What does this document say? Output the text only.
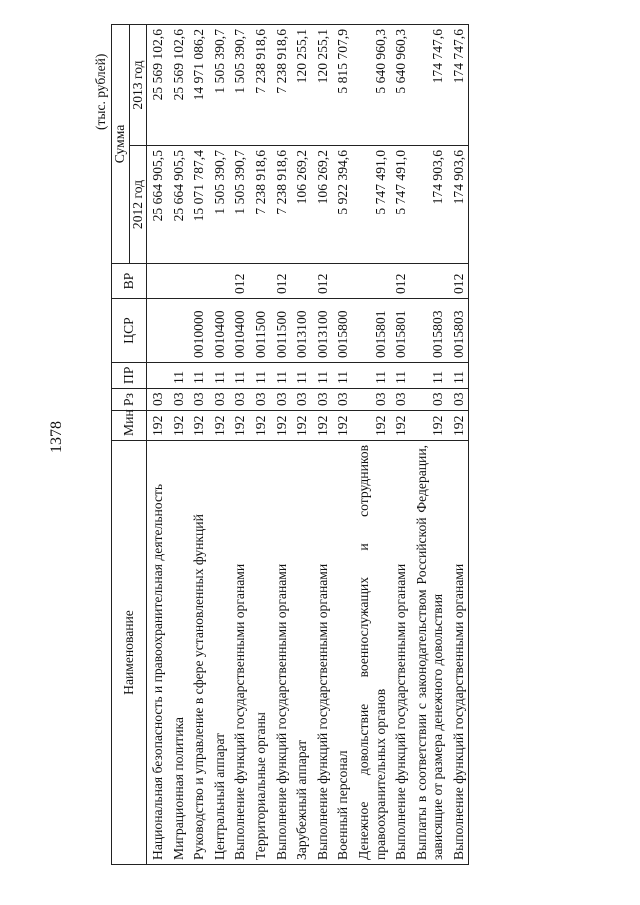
1378
(тыс. рублей)
Наименование	Мин	Рз	ПР	ЦСР	ВР	Сумма	
						2012 год	2013 год
Национальная безопасность и правоохранительная деятельность	192	03				25 664 905,5	25 569 102,6
Миграционная политика	192	03	11			25 664 905,5	25 569 102,6
Руководство и управление в сфере установленных функций	192	03	11	0010000		15 071 787,4	14 971 086,2
Центральный аппарат	192	03	11	0010400		1 505 390,7	1 505 390,7
Выполнение функций государственными органами	192	03	11	0010400	012	1 505 390,7	1 505 390,7
Территориальные органы	192	03	11	0011500		7 238 918,6	7 238 918,6
Выполнение функций государственными органами	192	03	11	0011500	012	7 238 918,6	7 238 918,6
Зарубежный аппарат	192	03	11	0013100		106 269,2	120 255,1
Выполнение функций государственными органами	192	03	11	0013100	012	106 269,2	120 255,1
Военный персонал	192	03	11	0015800		5 922 394,6	5 815 707,9
Денежное довольствие военнослужащих и сотрудников правоохранительных органов	192	03	11	0015801		5 747 491,0	5 640 960,3
Выполнение функций государственными органами	192	03	11	0015801	012	5 747 491,0	5 640 960,3
Выплаты в соответствии с законодательством Российской Федерации, зависящие от размера денежного довольствия	192	03	11	0015803		174 903,6	174 747,6
Выполнение функций государственными органами	192	03	11	0015803	012	174 903,6	174 747,6
